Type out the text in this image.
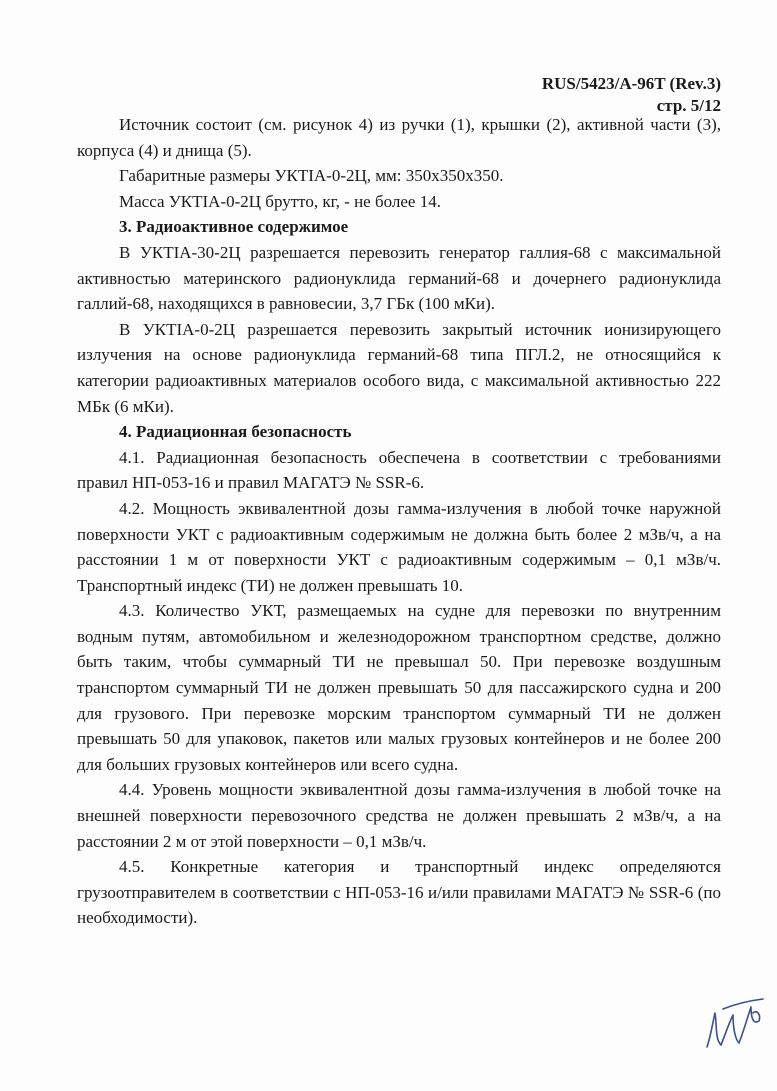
RUS/5423/A-96T (Rev.3)
стр. 5/12

Источник состоит (см. рисунок 4) из ручки (1), крышки (2), активной части (3), корпуса (4) и днища (5).

Габаритные размеры УКТIА-0-2Ц, мм: 350x350x350.

Масса УКТIА-0-2Ц брутто, кг, - не более 14.

3. Радиоактивное содержимое

В УКТIА-30-2Ц разрешается перевозить генератор галлия-68 с максимальной активностью материнского радионуклида германий-68 и дочернего радионуклида галлий-68, находящихся в равновесии, 3,7 ГБк (100 мКи).

В УКТIА-0-2Ц разрешается перевозить закрытый источник ионизирующего излучения на основе радионуклида германий-68 типа ПГЛ.2, не относящийся к категории радиоактивных материалов особого вида, с максимальной активностью 222 МБк (6 мКи).

4. Радиационная безопасность

4.1. Радиационная безопасность обеспечена в соответствии с требованиями правил НП-053-16 и правил МАГАТЭ № SSR-6.

4.2. Мощность эквивалентной дозы гамма-излучения в любой точке наружной поверхности УКТ с радиоактивным содержимым не должна быть более 2 мЗв/ч, а на расстоянии 1 м от поверхности УКТ с радиоактивным содержимым – 0,1 мЗв/ч. Транспортный индекс (ТИ) не должен превышать 10.

4.3. Количество УКТ, размещаемых на судне для перевозки по внутренним водным путям, автомобильном и железнодорожном транспортном средстве, должно быть таким, чтобы суммарный ТИ не превышал 50. При перевозке воздушным транспортом суммарный ТИ не должен превышать 50 для пассажирского судна и 200 для грузового. При перевозке морским транспортом суммарный ТИ не должен превышать 50 для упаковок, пакетов или малых грузовых контейнеров и не более 200 для больших грузовых контейнеров или всего судна.

4.4. Уровень мощности эквивалентной дозы гамма-излучения в любой точке на внешней поверхности перевозочного средства не должен превышать 2 мЗв/ч, а на расстоянии 2 м от этой поверхности – 0,1 мЗв/ч.

4.5. Конкретные категория и транспортный индекс определяются грузоотправителем в соответствии с НП-053-16 и/или правилами МАГАТЭ № SSR-6 (по необходимости).
